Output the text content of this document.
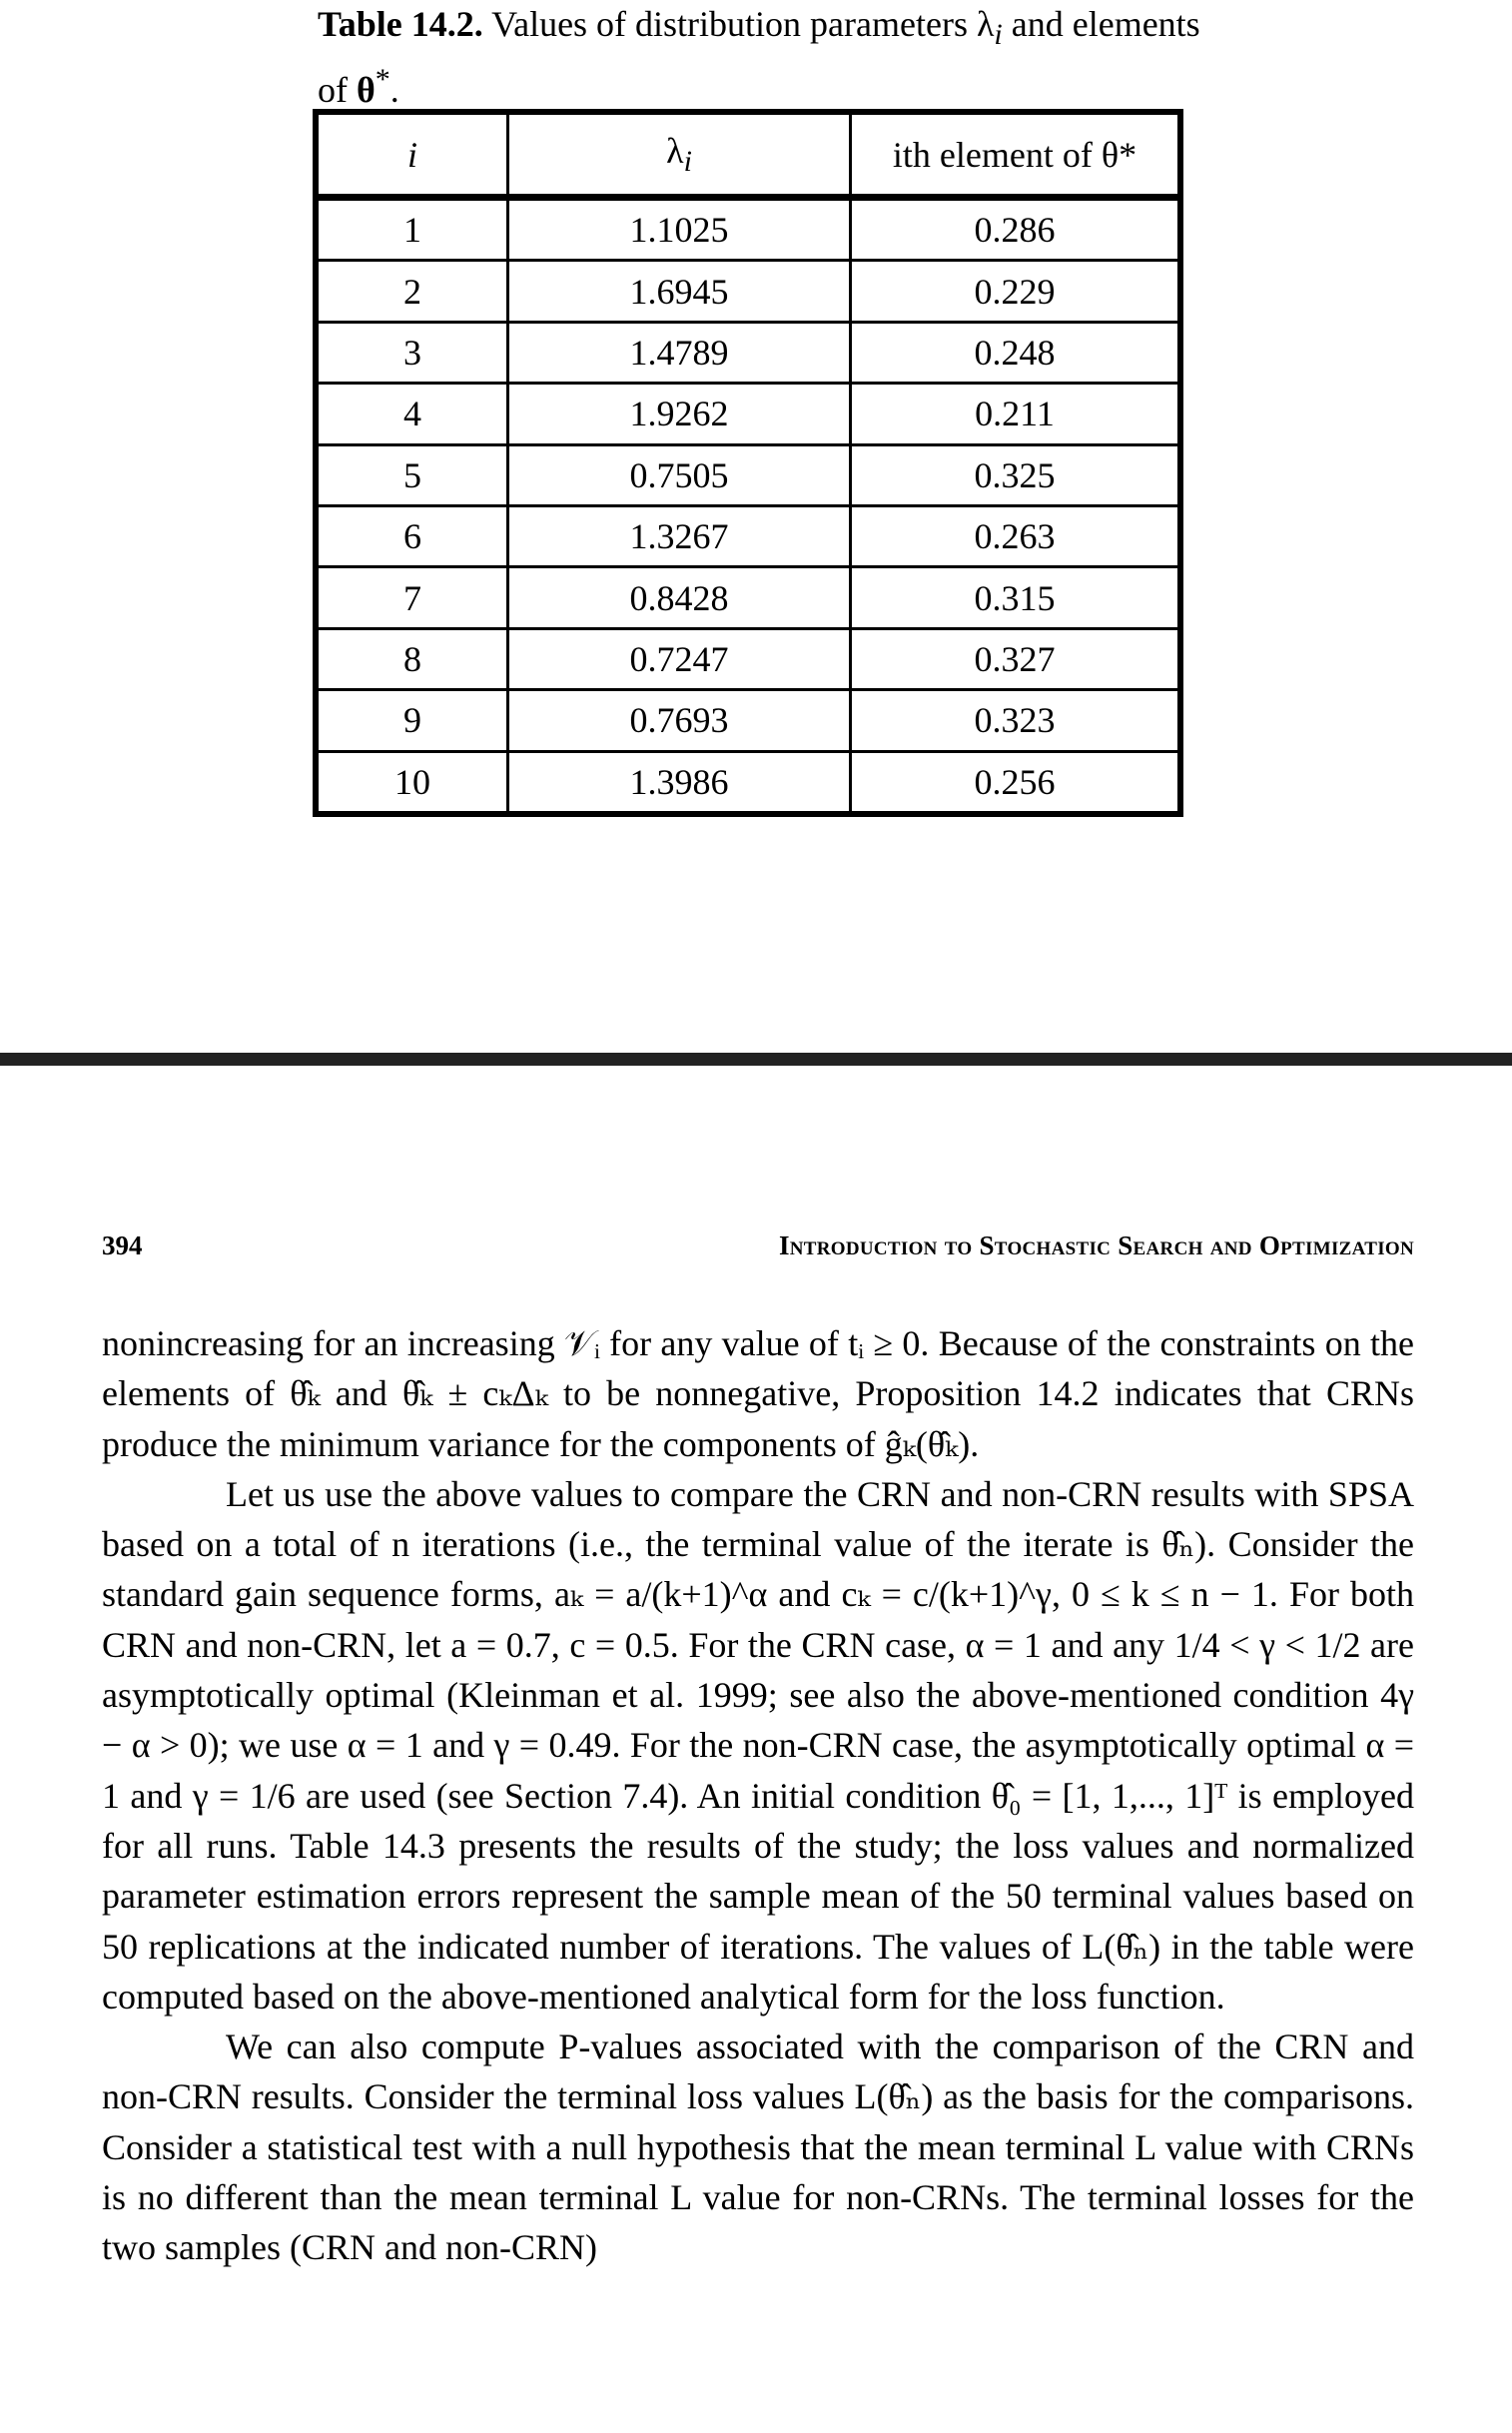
Table 14.2. Values of distribution parameters $\lambda_i$ and elements of θ*.
i	$\lambda_i$	ith element of θ*
1	1.1025	0.286
2	1.6945	0.229
3	1.4789	0.248
4	1.9262	0.211
5	0.7505	0.325
6	1.3267	0.263
7	0.8428	0.315
8	0.7247	0.327
9	0.7693	0.323
10	1.3986	0.256
394	Introduction to Stochastic Search and Optimization

nonincreasing for an increasing 𝒱ᵢ for any value of tᵢ ≥ 0. Because of the constraints on the elements of θ̂ₖ and θ̂ₖ ± cₖΔₖ to be nonnegative, Proposition 14.2 indicates that CRNs produce the minimum variance for the components of ĝₖ(θ̂ₖ).

Let us use the above values to compare the CRN and non-CRN results with SPSA based on a total of n iterations (i.e., the terminal value of the iterate is θ̂ₙ). Consider the standard gain sequence forms, aₖ = a/(k+1)^α and cₖ = c/(k+1)^γ, 0 ≤ k ≤ n − 1. For both CRN and non-CRN, let a = 0.7, c = 0.5. For the CRN case, α = 1 and any 1/4 < γ < 1/2 are asymptotically optimal (Kleinman et al. 1999; see also the above-mentioned condition 4γ − α > 0); we use α = 1 and γ = 0.49. For the non-CRN case, the asymptotically optimal α = 1 and γ = 1/6 are used (see Section 7.4). An initial condition θ̂₀ = [1, 1,..., 1]ᵀ is employed for all runs. Table 14.3 presents the results of the study; the loss values and normalized parameter estimation errors represent the sample mean of the 50 terminal values based on 50 replications at the indicated number of iterations. The values of L(θ̂ₙ) in the table were computed based on the above-mentioned analytical form for the loss function.

We can also compute P-values associated with the comparison of the CRN and non-CRN results. Consider the terminal loss values L(θ̂ₙ) as the basis for the comparisons. Consider a statistical test with a null hypothesis that the mean terminal L value with CRNs is no different than the mean terminal L value for non-CRNs. The terminal losses for the two samples (CRN and non-CRN)
